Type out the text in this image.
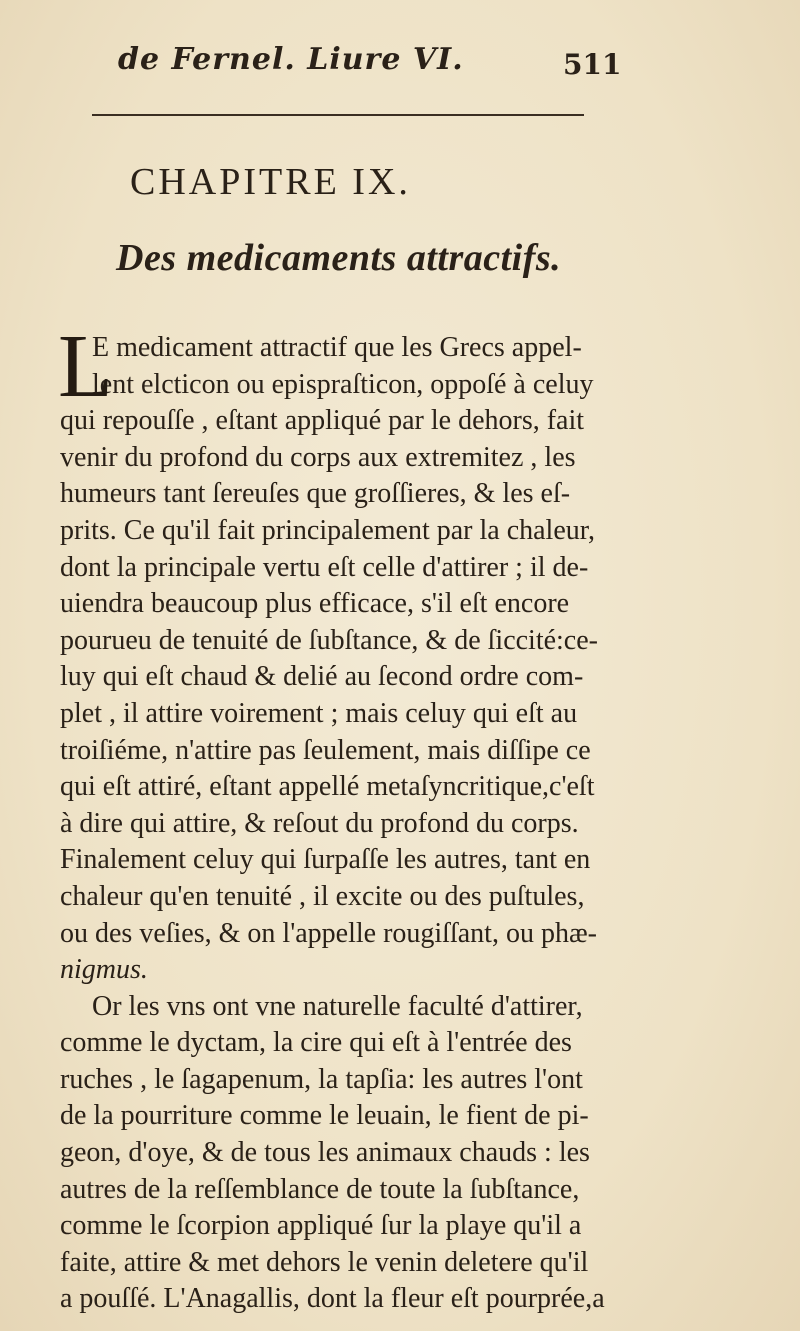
de Fernel. Liure VI.	511
CHAPITRE IX.
Des medicaments attractifs.
L
E medicament attractif que les Grecs appel-
lent elcticon ou epispraſticon, oppoſé à celuy
qui repouſſe , eſtant appliqué par le dehors, fait
venir du profond du corps aux extremitez , les
humeurs tant ſereuſes que groſſieres, & les eſ-
prits. Ce qu'il fait principalement par la chaleur,
dont la principale vertu eſt celle d'attirer ; il de-
uiendra beaucoup plus efficace, s'il eſt encore
pourueu de tenuité de ſubſtance, & de ſiccité:ce-
luy qui eſt chaud & delié au ſecond ordre com-
plet , il attire voirement ; mais celuy qui eſt au
troiſiéme, n'attire pas ſeulement, mais diſſipe ce
qui eſt attiré, eſtant appellé metaſyncritique,c'eſt
à dire qui attire, & reſout du profond du corps.
Finalement celuy qui ſurpaſſe les autres, tant en
chaleur qu'en tenuité , il excite ou des puſtules,
ou des veſies, & on l'appelle rougiſſant, ou phæ-
nigmus.
Or les vns ont vne naturelle faculté d'attirer,
comme le dyctam, la cire qui eſt à l'entrée des
ruches , le ſagapenum, la tapſia: les autres l'ont
de la pourriture comme le leuain, le fient de pi-
geon, d'oye, & de tous les animaux chauds : les
autres de la reſſemblance de toute la ſubſtance,
comme le ſcorpion appliqué ſur la playe qu'il a
faite, attire & met dehors le venin deletere qu'il
a pouſſé. L'Anagallis, dont la fleur eſt pourprée,a
